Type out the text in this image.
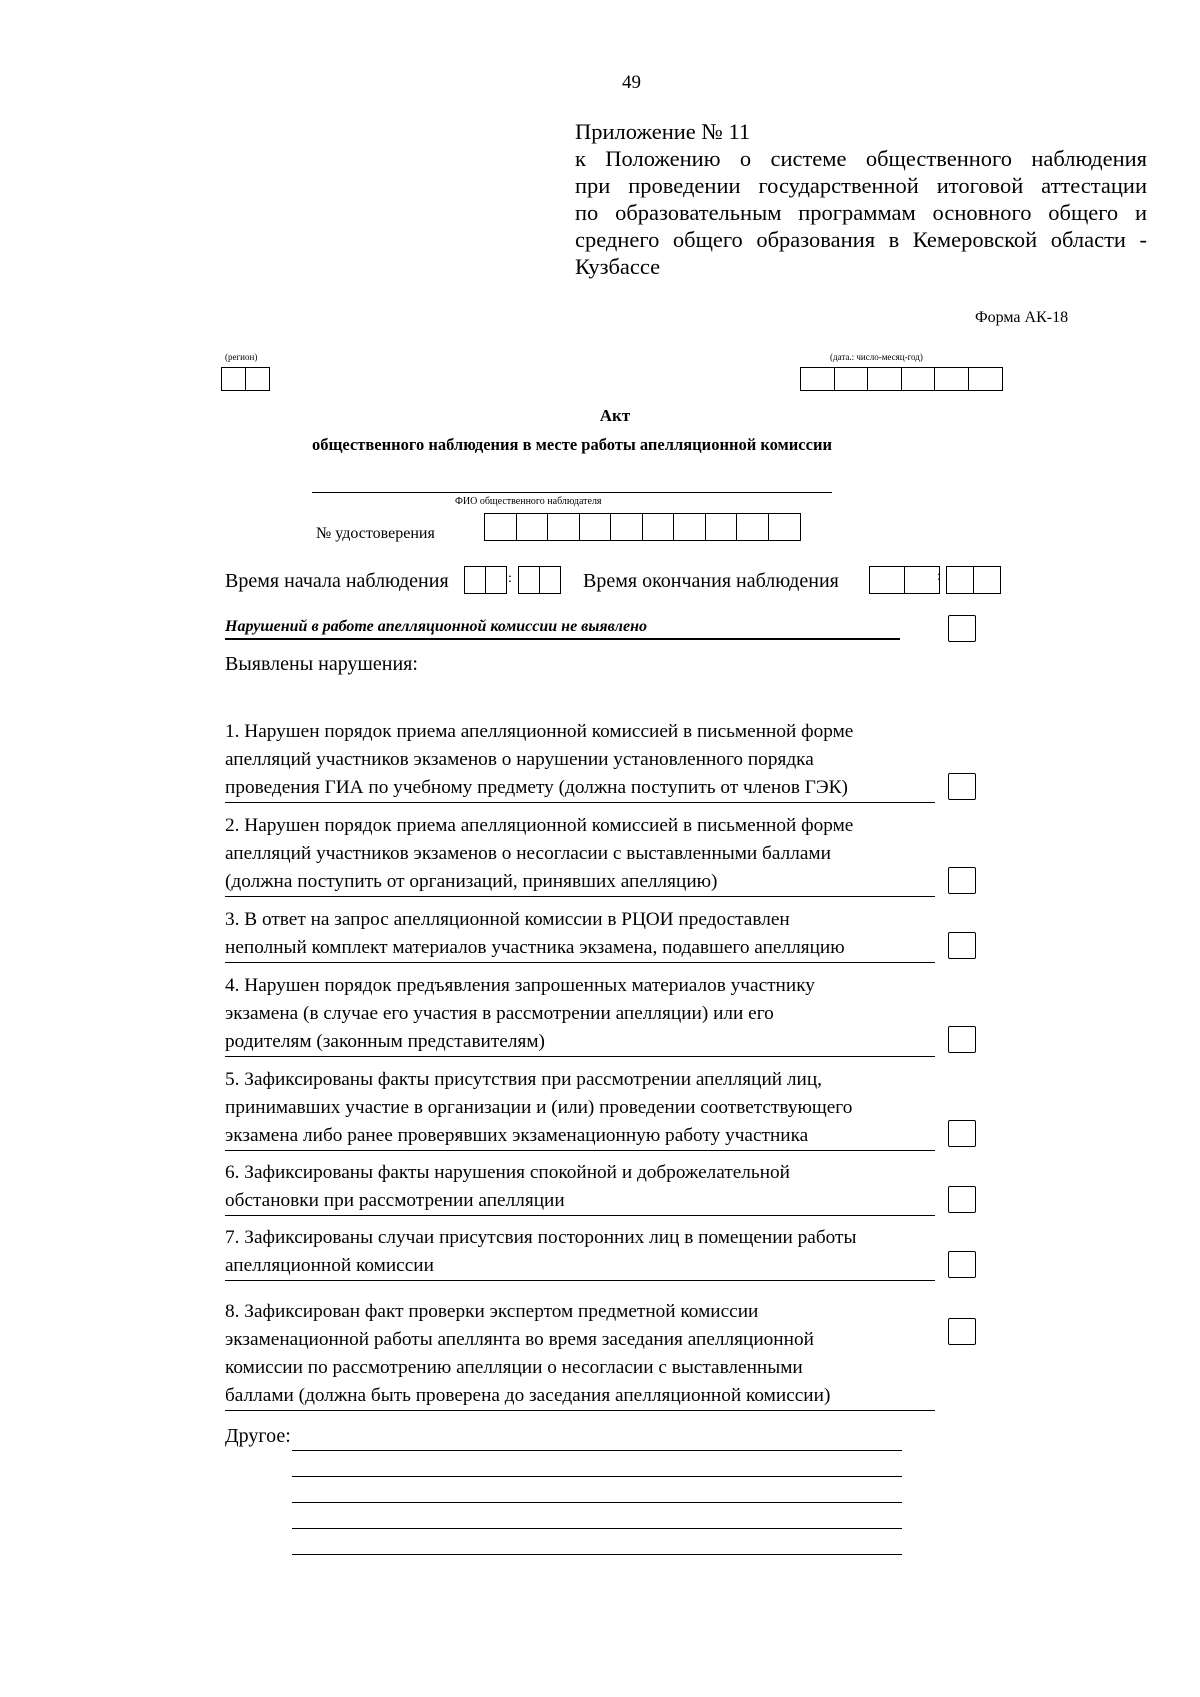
49
Приложение № 11
к Положению о системе общественного наблюдения
при проведении государственной итоговой аттестации
по образовательным программам основного общего и
среднего общего образования в Кемеровской области -
Кузбассе
Форма АК-18
(регион)	(дата.: число-месяц-год)
Акт
общественного наблюдения в месте работы апелляционной комиссии
ФИО общественного наблюдателя
№ удостоверения
Время начала наблюдения	:	Время окончания наблюдения	:
Нарушений в работе апелляционной комиссии не выявлено
Выявлены нарушения:
1. Нарушен порядок приема апелляционной комиссией в письменной форме
апелляций участников экзаменов о нарушении установленного порядка
проведения ГИА по учебному предмету (должна поступить от членов ГЭК)
2. Нарушен порядок приема апелляционной комиссией в письменной форме
апелляций участников экзаменов о несогласии с выставленными баллами
(должна поступить от организаций, принявших апелляцию)
3. В ответ на запрос апелляционной комиссии в РЦОИ предоставлен
неполный комплект материалов участника экзамена, подавшего апелляцию
4. Нарушен порядок предъявления запрошенных материалов участнику
экзамена (в случае его участия в рассмотрении апелляции) или его
родителям (законным представителям)
5. Зафиксированы факты присутствия при рассмотрении апелляций лиц,
принимавших участие в организации и (или) проведении соответствующего
экзамена либо ранее проверявших экзаменационную работу участника
6. Зафиксированы факты нарушения спокойной и доброжелательной
обстановки при рассмотрении апелляции
7. Зафиксированы случаи присутсвия посторонних лиц в помещении работы
апелляционной комиссии
8. Зафиксирован факт проверки экспертом предметной комиссии
экзаменационной работы апеллянта во время заседания апелляционной
комиссии по рассмотрению апелляции о несогласии с выставленными
баллами (должна быть проверена до заседания апелляционной комиссии)
Другое:
